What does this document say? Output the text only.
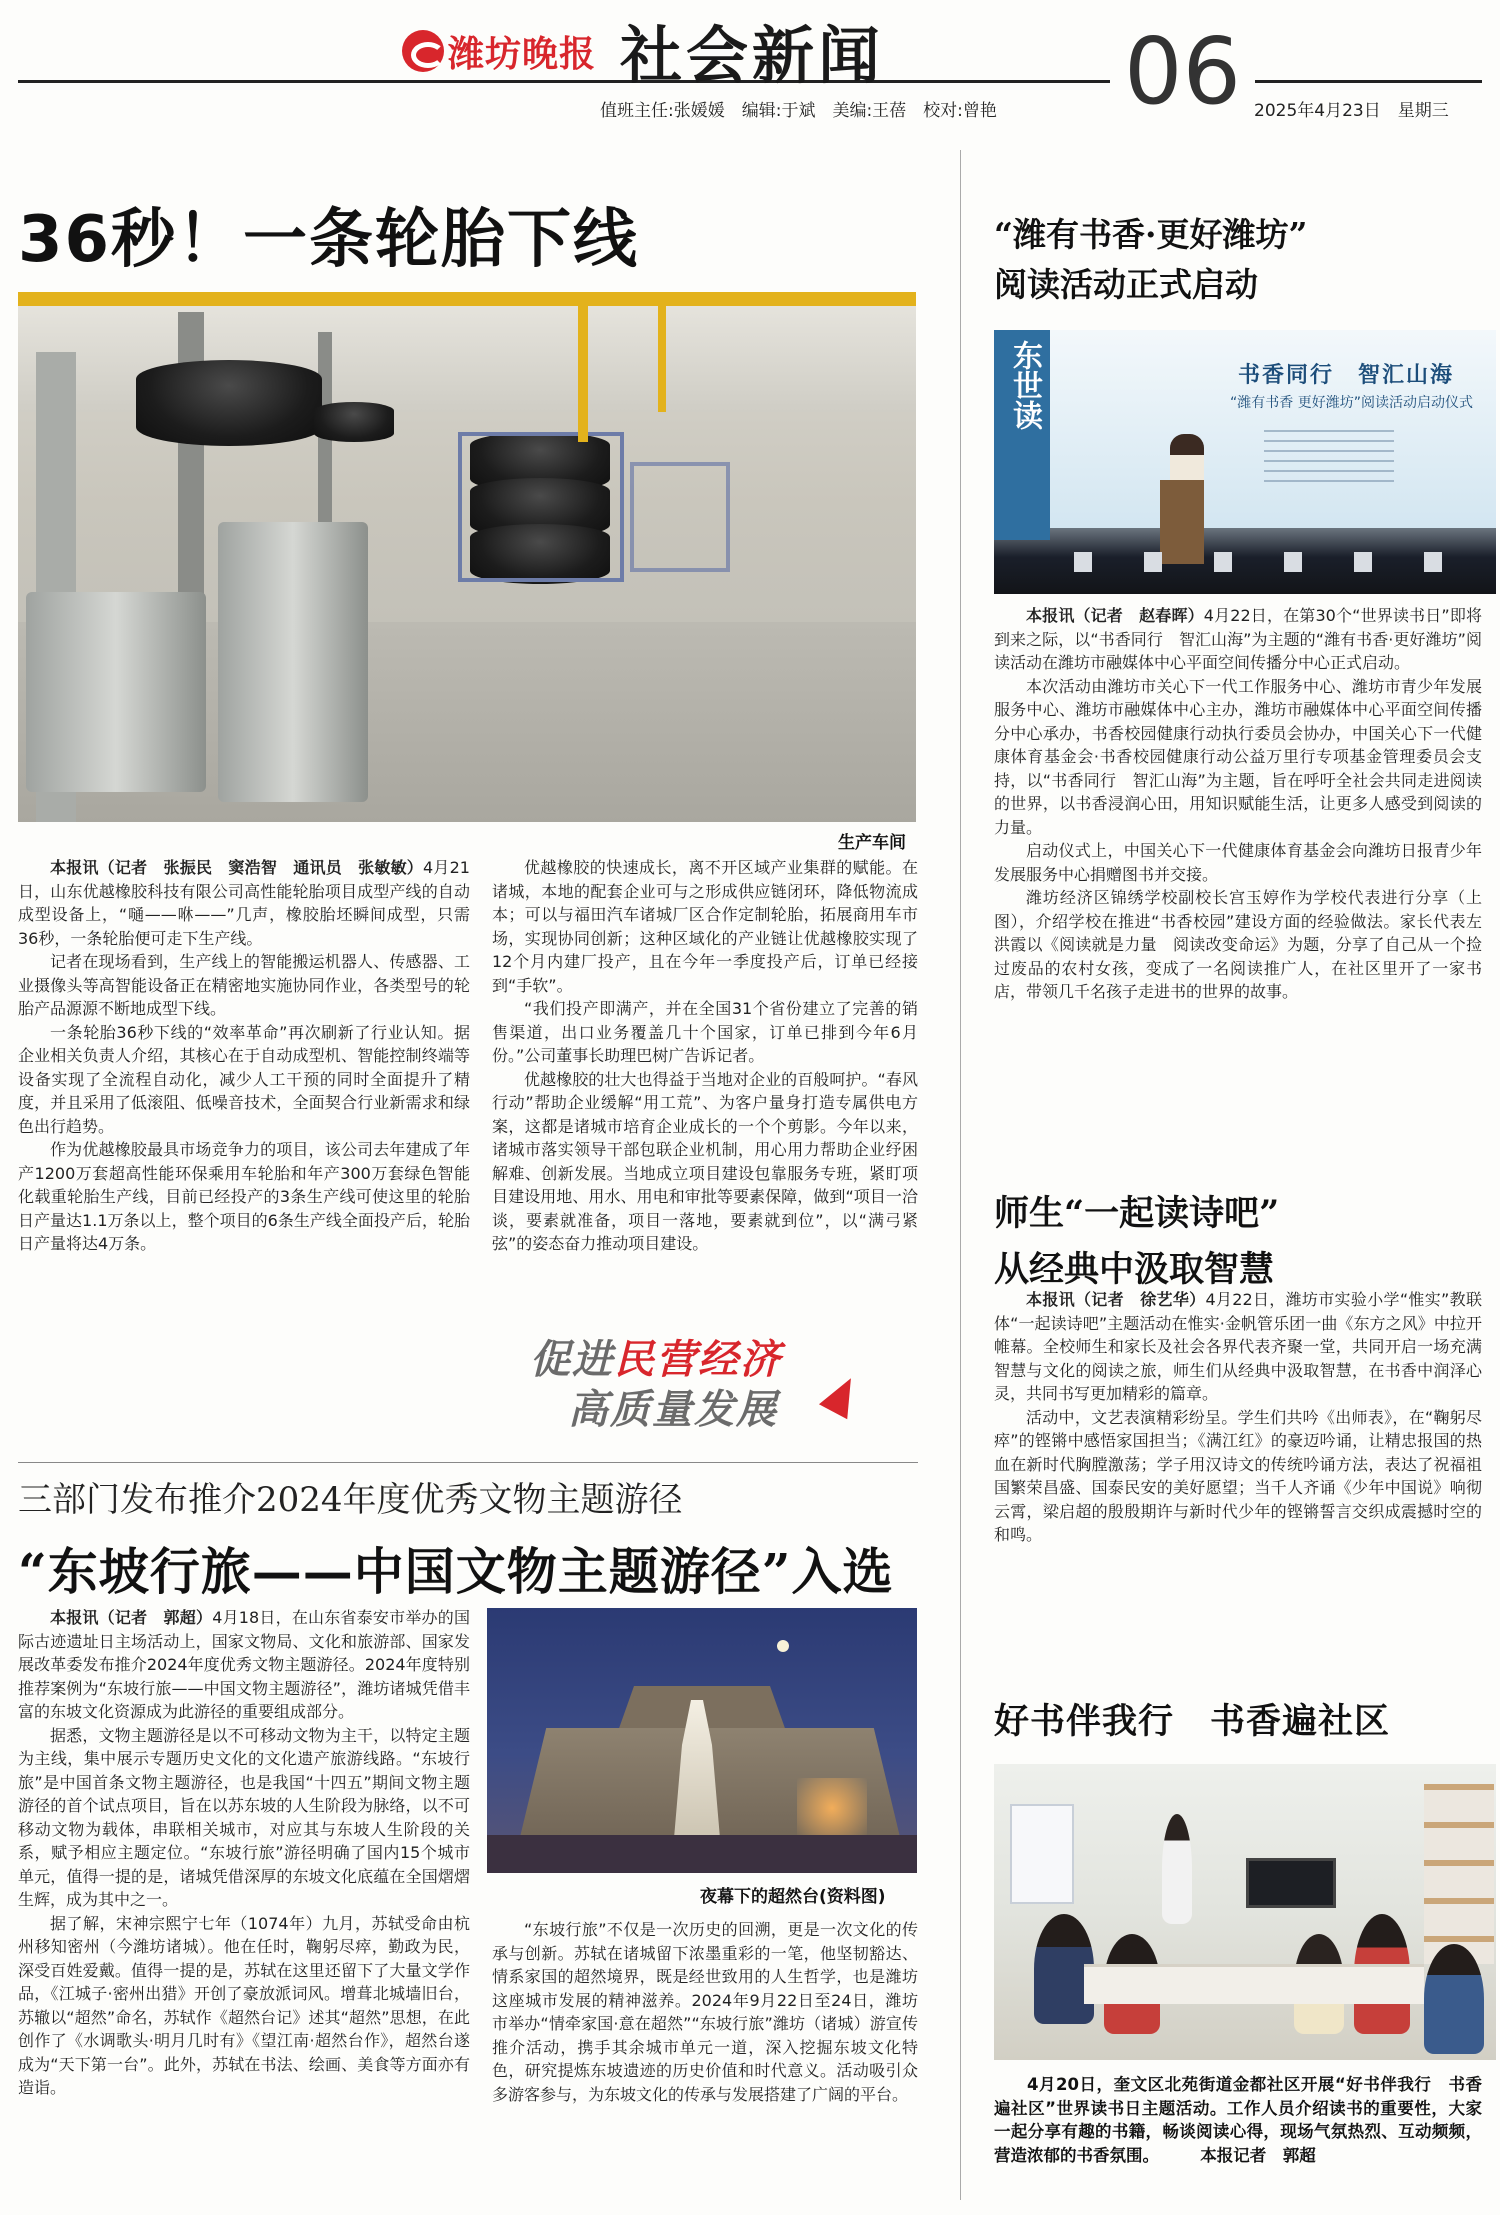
潍坊晚报 社会新闻	06
值班主任:张媛媛　编辑:于斌　美编:王蓓　校对:曾艳	2025年4月23日　星期三
36秒！一条轮胎下线
生产车间

本报讯（记者　张振民　窦浩智　通讯员　张敏敏）4月21日，山东优越橡胶科技有限公司高性能轮胎项目成型产线的自动成型设备上，“嗵——咻——”几声，橡胶胎坯瞬间成型，只需36秒，一条轮胎便可走下生产线。

记者在现场看到，生产线上的智能搬运机器人、传感器、工业摄像头等高智能设备正在精密地实施协同作业，各类型号的轮胎产品源源不断地成型下线。

一条轮胎36秒下线的“效率革命”再次刷新了行业认知。据企业相关负责人介绍，其核心在于自动成型机、智能控制终端等设备实现了全流程自动化，减少人工干预的同时全面提升了精度，并且采用了低滚阻、低噪音技术，全面契合行业新需求和绿色出行趋势。

作为优越橡胶最具市场竞争力的项目，该公司去年建成了年产1200万套超高性能环保乘用车轮胎和年产300万套绿色智能化载重轮胎生产线，目前已经投产的3条生产线可使这里的轮胎日产量达1.1万条以上，整个项目的6条生产线全面投产后，轮胎日产量将达4万条。

优越橡胶的快速成长，离不开区域产业集群的赋能。在诸城，本地的配套企业可与之形成供应链闭环，降低物流成本；可以与福田汽车诸城厂区合作定制轮胎，拓展商用车市场，实现协同创新；这种区域化的产业链让优越橡胶实现了12个月内建厂投产，且在今年一季度投产后，订单已经接到“手软”。

“我们投产即满产，并在全国31个省份建立了完善的销售渠道，出口业务覆盖几十个国家，订单已排到今年6月份。”公司董事长助理巴树广告诉记者。

优越橡胶的壮大也得益于当地对企业的百般呵护。“春风行动”帮助企业缓解“用工荒”、为客户量身打造专属供电方案，这都是诸城市培育企业成长的一个个剪影。今年以来，诸城市落实领导干部包联企业机制，用心用力帮助企业纾困解难、创新发展。当地成立项目建设包靠服务专班，紧盯项目建设用地、用水、用电和审批等要素保障，做到“项目一洽谈，要素就准备，项目一落地，要素就到位”，以“满弓紧弦”的姿态奋力推动项目建设。

促进民营经济
高质量发展
三部门发布推介2024年度优秀文物主题游径
“东坡行旅——中国文物主题游径”入选
夜幕下的超然台(资料图)

本报讯（记者　郭超）4月18日，在山东省泰安市举办的国际古迹遗址日主场活动上，国家文物局、文化和旅游部、国家发展改革委发布推介2024年度优秀文物主题游径。2024年度特别推荐案例为“东坡行旅——中国文物主题游径”，潍坊诸城凭借丰富的东坡文化资源成为此游径的重要组成部分。

据悉，文物主题游径是以不可移动文物为主干，以特定主题为主线，集中展示专题历史文化的文化遗产旅游线路。“东坡行旅”是中国首条文物主题游径，也是我国“十四五”期间文物主题游径的首个试点项目，旨在以苏东坡的人生阶段为脉络，以不可移动文物为载体，串联相关城市，对应其与东坡人生阶段的关系，赋予相应主题定位。“东坡行旅”游径明确了国内15个城市单元，值得一提的是，诸城凭借深厚的东坡文化底蕴在全国熠熠生辉，成为其中之一。

据了解，宋神宗熙宁七年（1074年）九月，苏轼受命由杭州移知密州（今潍坊诸城）。他在任时，鞠躬尽瘁，勤政为民，深受百姓爱戴。值得一提的是，苏轼在这里还留下了大量文学作品，《江城子·密州出猎》开创了豪放派词风。增葺北城墙旧台，苏辙以“超然”命名，苏轼作《超然台记》述其“超然”思想，在此创作了《水调歌头·明月几时有》《望江南·超然台作》，超然台遂成为“天下第一台”。此外，苏轼在书法、绘画、美食等方面亦有造诣。

“东坡行旅”不仅是一次历史的回溯，更是一次文化的传承与创新。苏轼在诸城留下浓墨重彩的一笔，他坚韧豁达、情系家国的超然境界，既是经世致用的人生哲学，也是潍坊这座城市发展的精神滋养。2024年9月22日至24日，潍坊市举办“情牵家国·意在超然”“东坡行旅”潍坊（诸城）游宣传推介活动，携手其余城市单元一道，深入挖掘东坡文化特色，研究提炼东坡遗迹的历史价值和时代意义。活动吸引众多游客参与，为东坡文化的传承与发展搭建了广阔的平台。

“潍有书香·更好潍坊”
阅读活动正式启动
东世读	书香同行　智汇山海
“潍有书香 更好潍坊”阅读活动启动仪式

本报讯（记者　赵春晖）4月22日，在第30个“世界读书日”即将到来之际，以“书香同行　智汇山海”为主题的“潍有书香·更好潍坊”阅读活动在潍坊市融媒体中心平面空间传播分中心正式启动。

本次活动由潍坊市关心下一代工作服务中心、潍坊市青少年发展服务中心、潍坊市融媒体中心主办，潍坊市融媒体中心平面空间传播分中心承办，书香校园健康行动执行委员会协办，中国关心下一代健康体育基金会·书香校园健康行动公益万里行专项基金管理委员会支持，以“书香同行　智汇山海”为主题，旨在呼吁全社会共同走进阅读的世界，以书香浸润心田，用知识赋能生活，让更多人感受到阅读的力量。

启动仪式上，中国关心下一代健康体育基金会向潍坊日报青少年发展服务中心捐赠图书并交接。

潍坊经济区锦绣学校副校长宫玉婷作为学校代表进行分享（上图），介绍学校在推进“书香校园”建设方面的经验做法。家长代表左洪霞以《阅读就是力量　阅读改变命运》为题，分享了自己从一个捡过废品的农村女孩，变成了一名阅读推广人，在社区里开了一家书店，带领几千名孩子走进书的世界的故事。

师生“一起读诗吧”
从经典中汲取智慧

本报讯（记者　徐艺华）4月22日，潍坊市实验小学“惟实”教联体“一起读诗吧”主题活动在惟实·金帆管乐团一曲《东方之风》中拉开帷幕。全校师生和家长及社会各界代表齐聚一堂，共同开启一场充满智慧与文化的阅读之旅，师生们从经典中汲取智慧，在书香中润泽心灵，共同书写更加精彩的篇章。

活动中，文艺表演精彩纷呈。学生们共吟《出师表》，在“鞠躬尽瘁”的铿锵中感悟家国担当；《满江红》的豪迈吟诵，让精忠报国的热血在新时代胸膛激荡；学子用汉诗文的传统吟诵方法，表达了祝福祖国繁荣昌盛、国泰民安的美好愿望；当千人齐诵《少年中国说》响彻云霄，梁启超的殷殷期许与新时代少年的铿锵誓言交织成震撼时空的和鸣。

好书伴我行　书香遍社区
4月20日，奎文区北苑街道金都社区开展“好书伴我行　书香遍社区”世界读书日主题活动。工作人员介绍读书的重要性，大家一起分享有趣的书籍，畅谈阅读心得，现场气氛热烈、互动频频，营造浓郁的书香氛围。　　　	本报记者　郭超
